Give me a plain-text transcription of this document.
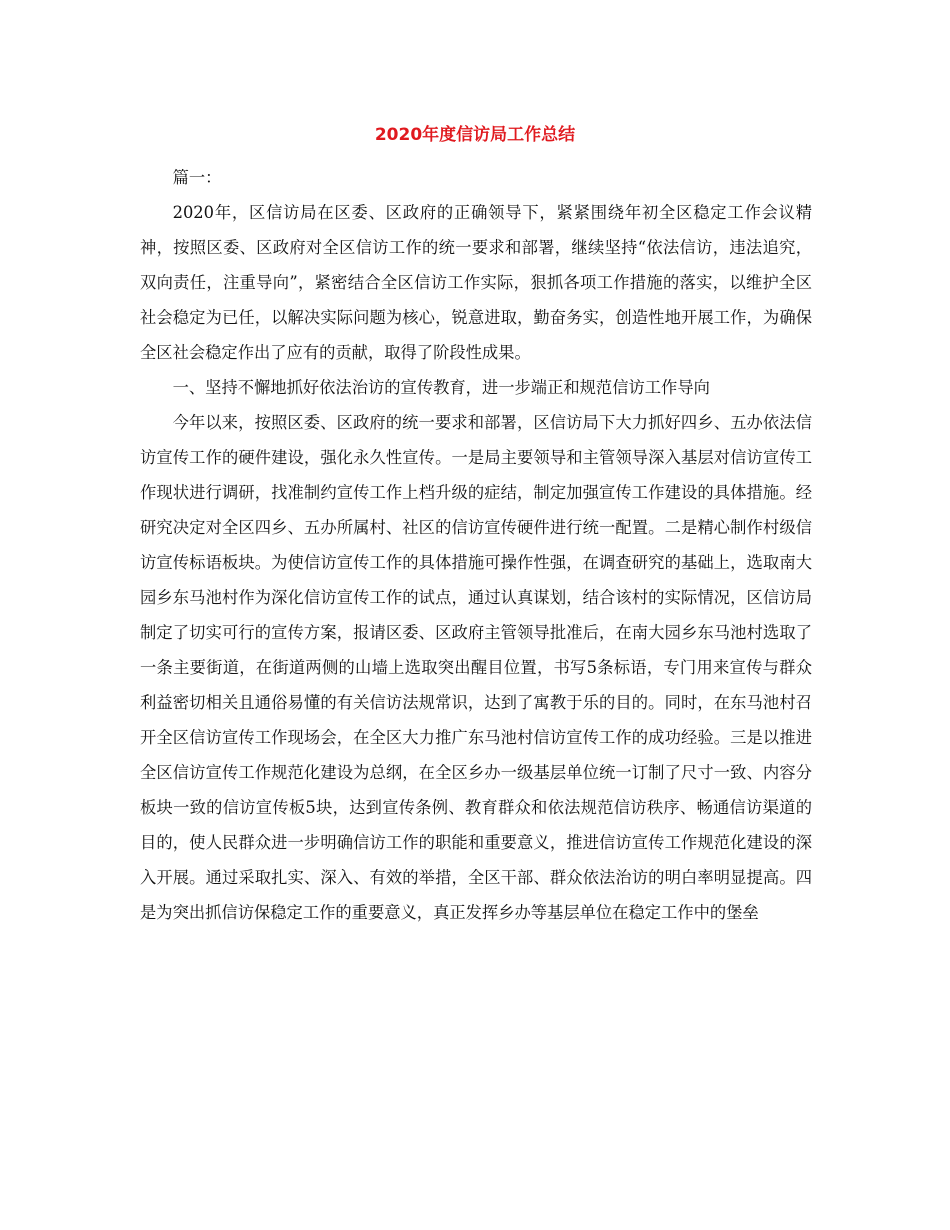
2020年度信访局工作总结

篇一：

2020年，区信访局在区委、区政府的正确领导下，紧紧围绕年初全区稳定工作会议精神，按照区委、区政府对全区信访工作的统一要求和部署，继续坚持“依法信访，违法追究，双向责任，注重导向”，紧密结合全区信访工作实际，狠抓各项工作措施的落实，以维护全区社会稳定为已任，以解决实际问题为核心，锐意进取，勤奋务实，创造性地开展工作，为确保全区社会稳定作出了应有的贡献，取得了阶段性成果。

一、坚持不懈地抓好依法治访的宣传教育，进一步端正和规范信访工作导向

今年以来，按照区委、区政府的统一要求和部署，区信访局下大力抓好四乡、五办依法信访宣传工作的硬件建设，强化永久性宣传。一是局主要领导和主管领导深入基层对信访宣传工作现状进行调研，找准制约宣传工作上档升级的症结，制定加强宣传工作建设的具体措施。经研究决定对全区四乡、五办所属村、社区的信访宣传硬件进行统一配置。二是精心制作村级信访宣传标语板块。为使信访宣传工作的具体措施可操作性强，在调查研究的基础上，选取南大园乡东马池村作为深化信访宣传工作的试点，通过认真谋划，结合该村的实际情况，区信访局制定了切实可行的宣传方案，报请区委、区政府主管领导批准后，在南大园乡东马池村选取了一条主要街道，在街道两侧的山墙上选取突出醒目位置，书写5条标语，专门用来宣传与群众利益密切相关且通俗易懂的有关信访法规常识，达到了寓教于乐的目的。同时，在东马池村召开全区信访宣传工作现场会，在全区大力推广东马池村信访宣传工作的成功经验。三是以推进全区信访宣传工作规范化建设为总纲，在全区乡办一级基层单位统一订制了尺寸一致、内容分板块一致的信访宣传板5块，达到宣传条例、教育群众和依法规范信访秩序、畅通信访渠道的目的，使人民群众进一步明确信访工作的职能和重要意义，推进信访宣传工作规范化建设的深入开展。通过采取扎实、深入、有效的举措，全区干部、群众依法治访的明白率明显提高。四是为突出抓信访保稳定工作的重要意义，真正发挥乡办等基层单位在稳定工作中的堡垒
